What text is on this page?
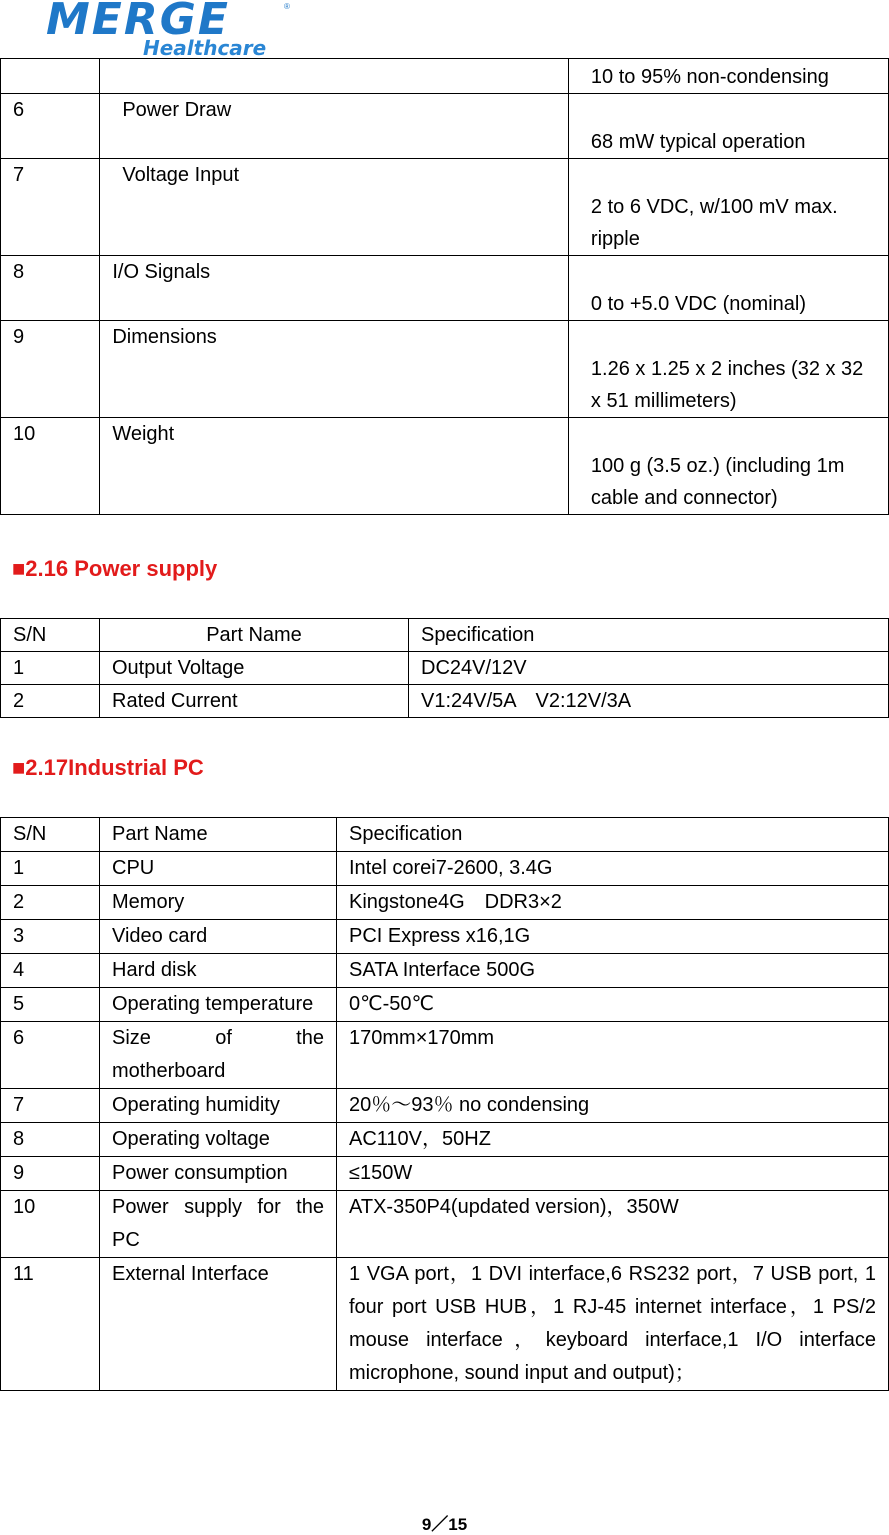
MERGE	®
Healthcare
		10 to 95% non-condensing
6	Power Draw	68 mW typical operation
7	Voltage Input	2 to 6 VDC, w/100 mV max. ripple
8	I/O Signals	0 to +5.0 VDC (nominal)
9	Dimensions	1.26 x 1.25 x 2 inches (32 x 32 x 51 millimeters)
10	Weight	100 g (3.5 oz.) (including 1m cable and connector)
■2.16 Power supply
S/N	Part Name	Specification
1	Output Voltage	DC24V/12V
2	Rated Current	V1:24V/5A　V2:12V/3A
■2.17Industrial PC
S/N	Part Name	Specification
1	CPU	Intel corei7-2600, 3.4G
2	Memory	Kingstone4G　DDR3×2
3	Video card	PCI Express x16,1G
4	Hard disk	SATA Interface 500G
5	Operating temperature	0℃-50℃
6	Size of the motherboard	170mm×170mm
7	Operating humidity	20％～93％ no condensing
8	Operating voltage	AC110V，50HZ
9	Power consumption	≤150W
10	Power supply for the PC	ATX-350P4(updated version)，350W
11	External Interface	1 VGA port，1 DVI interface,6 RS232 port，7 USB port, 1 four port USB HUB，1 RJ-45 internet interface，1 PS/2 mouse interface，keyboard interface,1 I/O interface microphone, sound input and output)；
9／15
